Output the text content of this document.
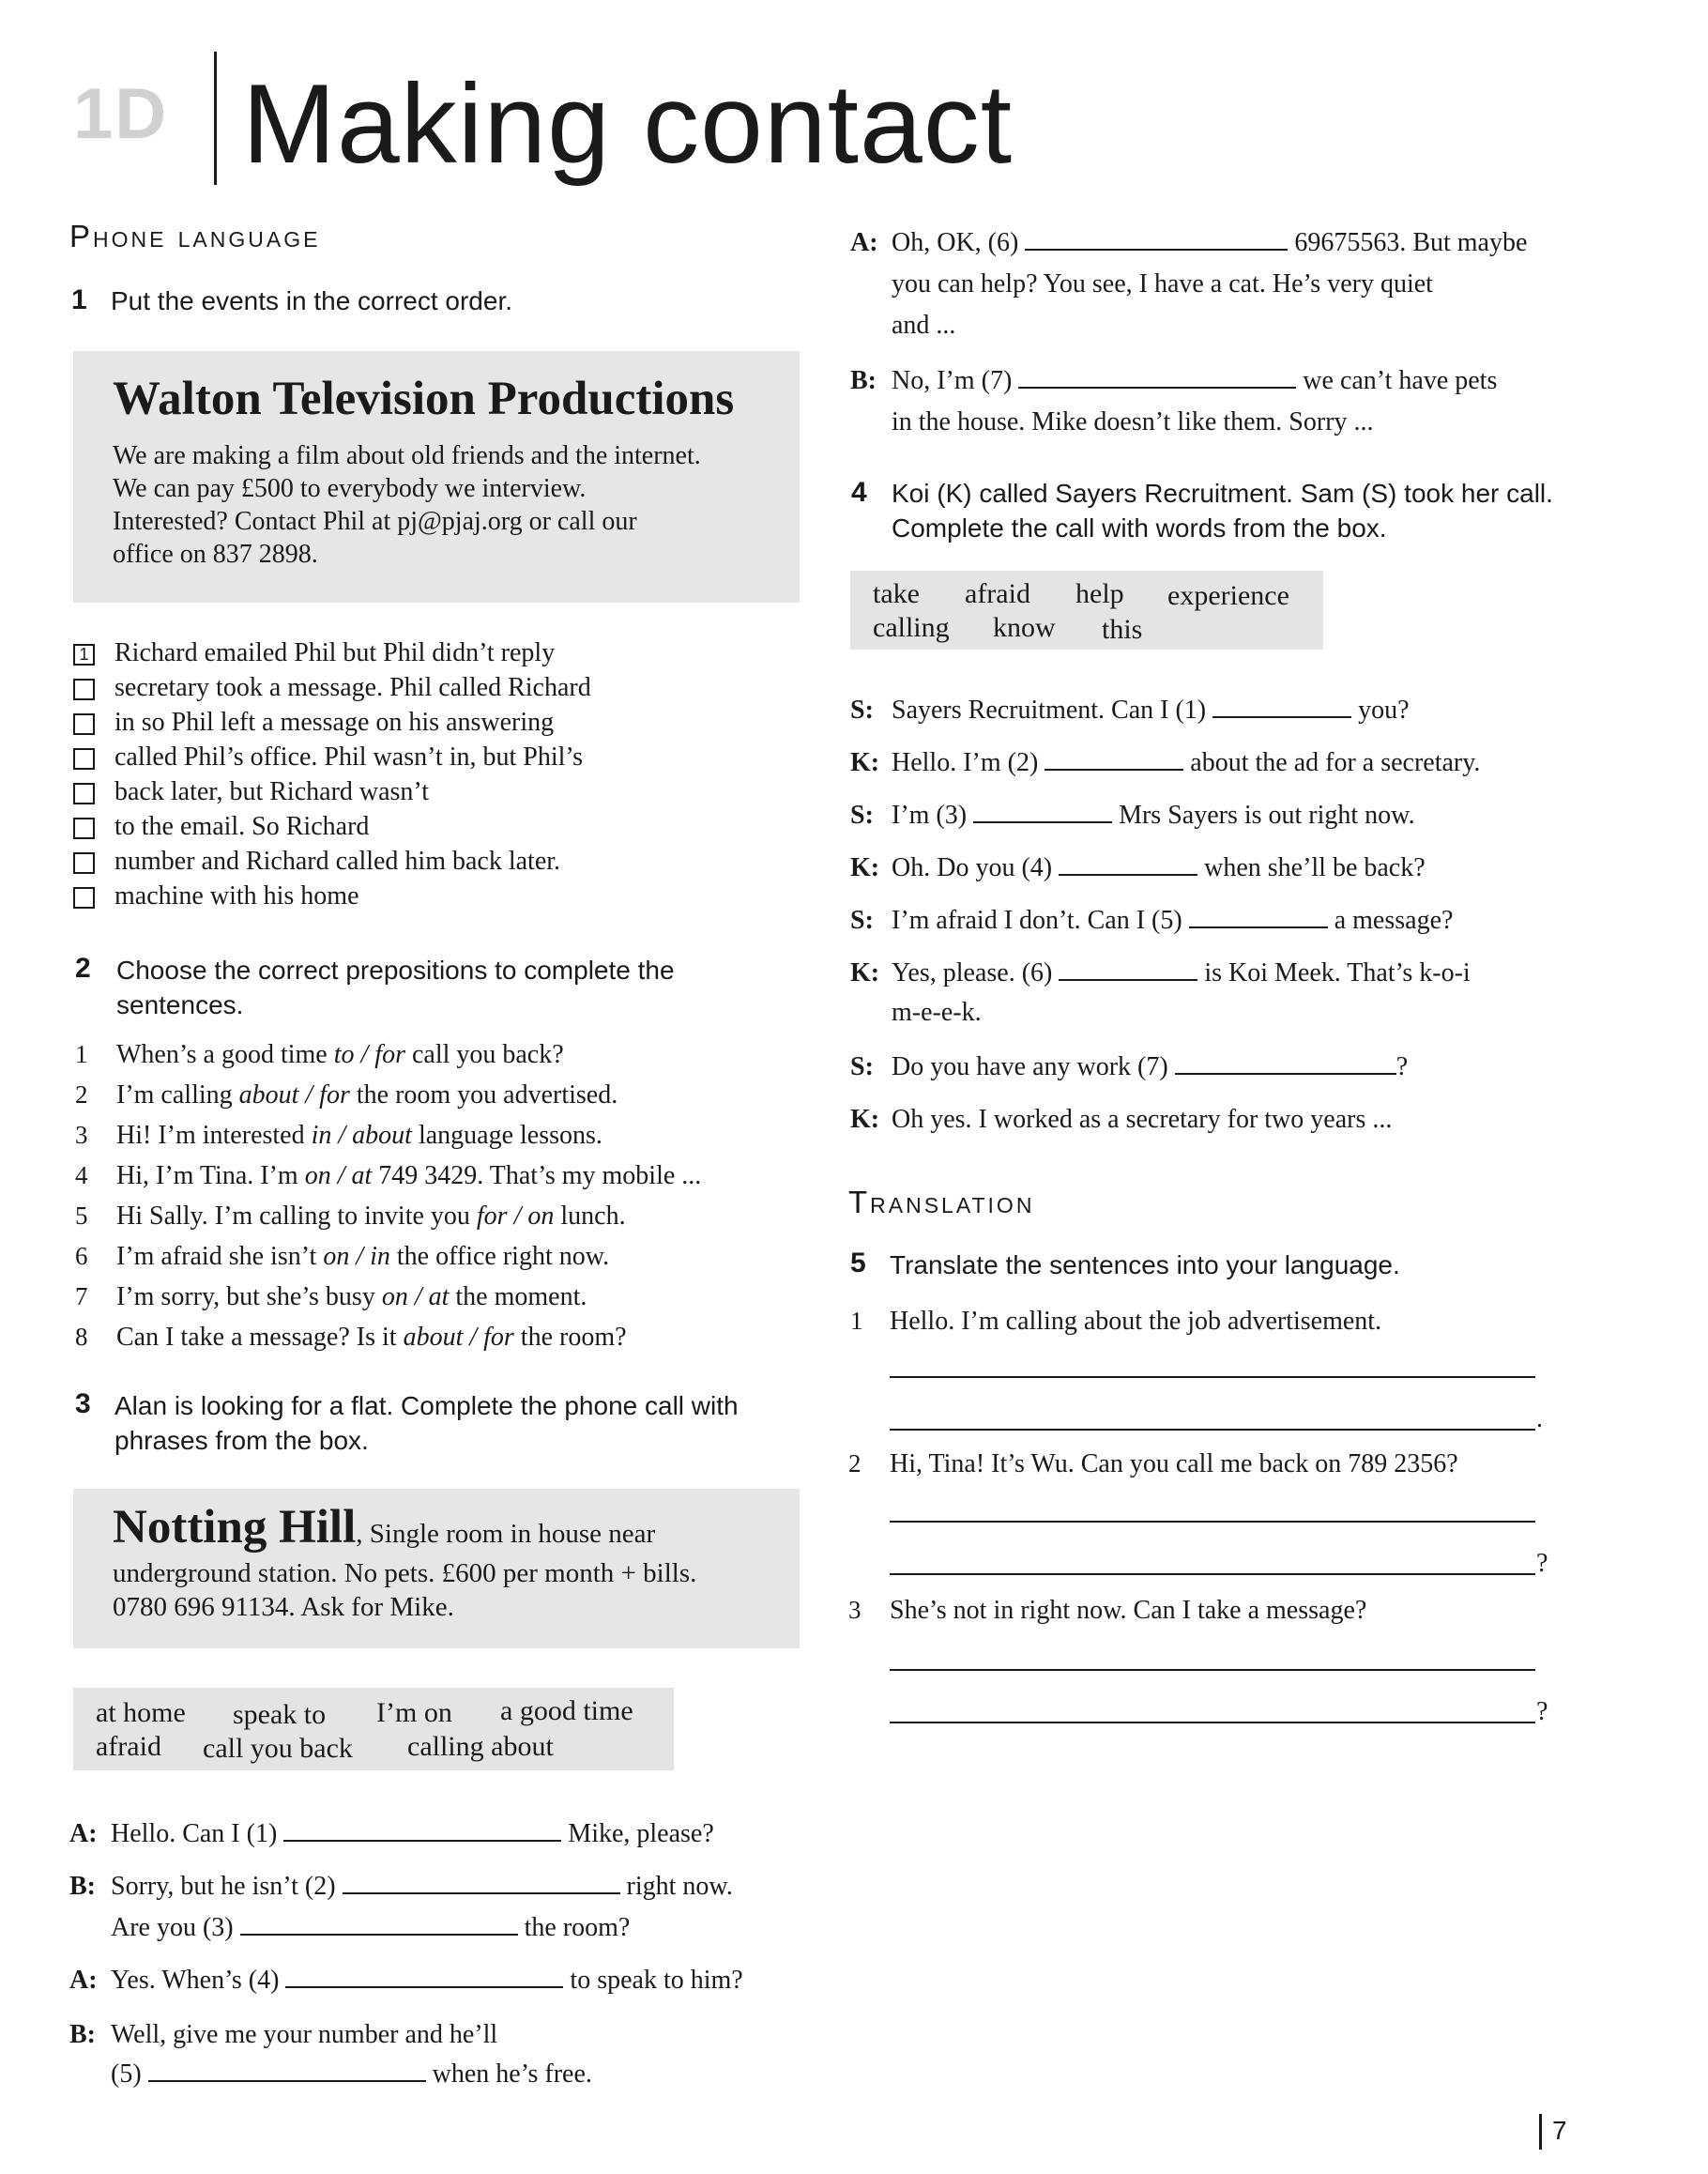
1D Making contact
Phone language
1 Put the events in the correct order.
Walton Television Productions
We are making a film about old friends and the internet.
We can pay £500 to everybody we interview.
Interested? Contact Phil at pj@pjaj.org or call our
office on 837 2898.
1 Richard emailed Phil but Phil didn’t reply
secretary took a message. Phil called Richard
in so Phil left a message on his answering
called Phil’s office. Phil wasn’t in, but Phil’s
back later, but Richard wasn’t
to the email. So Richard
number and Richard called him back later.
machine with his home
2 Choose the correct prepositions to complete the
sentences.
1 When’s a good time to / for call you back?
2 I’m calling about / for the room you advertised.
3 Hi! I’m interested in / about language lessons.
4 Hi, I’m Tina. I’m on / at 749 3429. That’s my mobile ...
5 Hi Sally. I’m calling to invite you for / on lunch.
6 I’m afraid she isn’t on / in the office right now.
7 I’m sorry, but she’s busy on / at the moment.
8 Can I take a message? Is it about / for the room?
3 Alan is looking for a flat. Complete the phone call with
phrases from the box.
Notting Hill, Single room in house near
underground station. No pets. £600 per month + bills.
0780 696 91134. Ask for Mike.
at home speak to I’m on a good time
afraid call you back calling about
A: Hello. Can I (1)	Mike, please?
B: Sorry, but he isn’t (2)	right now.
Are you (3)	the room?
A: Yes. When’s (4)	to speak to him?
B: Well, give me your number and he’ll
(5)	when he’s free.
A: Oh, OK, (6)	69675563. But maybe
you can help? You see, I have a cat. He’s very quiet
and ...
B: No, I’m (7)	we can’t have pets
in the house. Mike doesn’t like them. Sorry ...
4 Koi (K) called Sayers Recruitment. Sam (S) took her call.
Complete the call with words from the box.
take afraid help experience
calling know this
S: Sayers Recruitment. Can I (1)	you?
K: Hello. I’m (2)	about the ad for a secretary.
S: I’m (3)	Mrs Sayers is out right now.
K: Oh. Do you (4)	when she’ll be back?
S: I’m afraid I don’t. Can I (5)	a message?
K: Yes, please. (6)	is Koi Meek. That’s k-o-i
m-e-e-k.
S: Do you have any work (7)	?
K: Oh yes. I worked as a secretary for two years ...
Translation
5 Translate the sentences into your language.
1 Hello. I’m calling about the job advertisement.
.
2 Hi, Tina! It’s Wu. Can you call me back on 789 2356?
?
3 She’s not in right now. Can I take a message?
?
7
